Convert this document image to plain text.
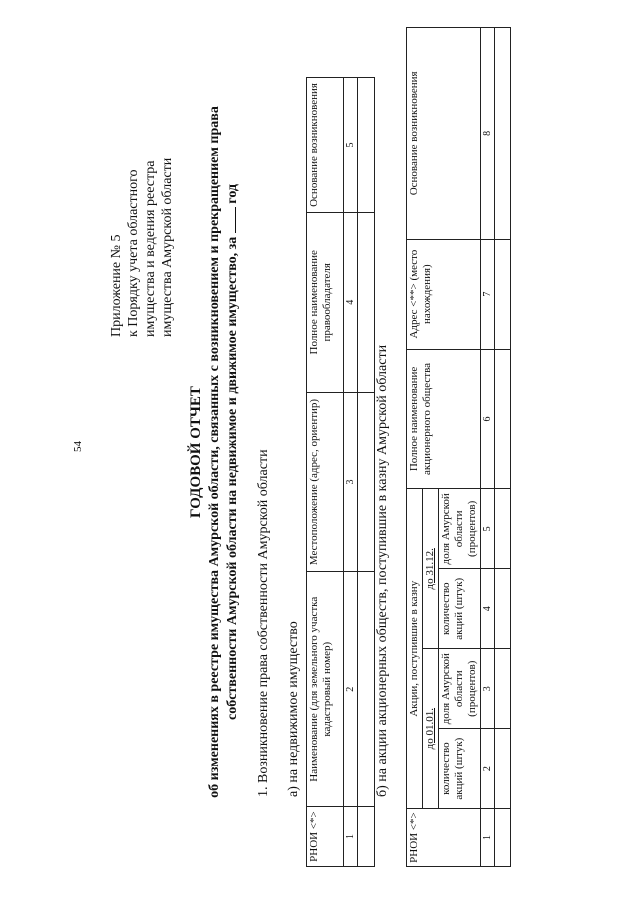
54
Приложение № 5 к Порядку учета областного имущества и ведения реестра имущества Амурской области
ГОДОВОЙ ОТЧЕТ об изменениях в реестре имущества Амурской области, связанных с возникновением и прекращением права собственности Амурской области на недвижимое и движимое имущество, за  год
1. Возникновение права собственности Амурской области а) на недвижимое имущество
РНОИ <*>	Наименование (для земельного участка кадастровый номер)	Местоположение (адрес, ориентир)	Полное наименование правообладателя	Основание возникновения
1	2	3	4	5

б) на акции акционерных обществ, поступившие в казну Амурской области
РНОИ <*>	Акции, поступившие в казну				Полное наименование акционерного общества	Адрес <**> (место нахождения)	Основание возникновения
	до 01.01.		до 31.12.				
	количество акций (штук)	доля Амурской области (процентов)	количество акций (штук)	доля Амурской области (процентов)			
1	2	3	4	5	6	7	8
